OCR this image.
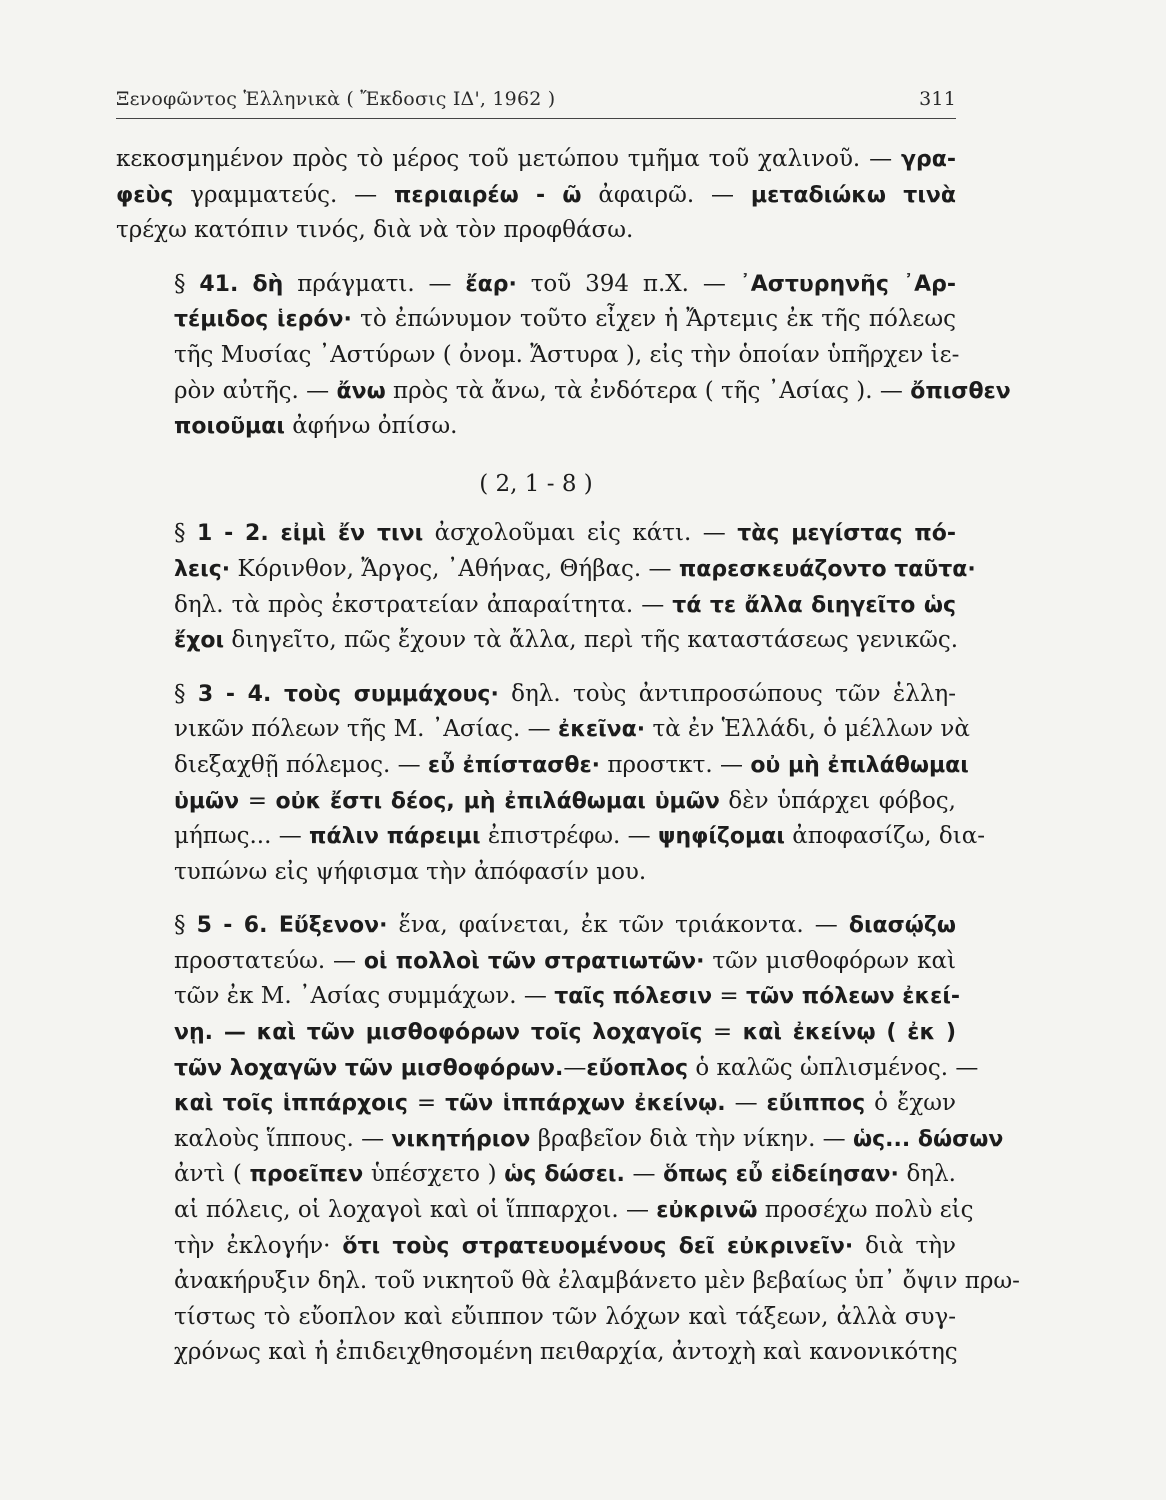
Ξενοφῶντος Ἑλληνικὰ ( Ἔκδοσις ΙΔ', 1962 )	311

κεκοσμημένον πρὸς τὸ μέρος τοῦ μετώπου τμῆμα τοῦ χαλινοῦ. — γρα-
φεὺς γραμματεύς. — περιαιρέω - ῶ ἀφαιρῶ. — μεταδιώκω τινὰ
τρέχω κατόπιν τινός, διὰ νὰ τὸν προφθάσω.

§ 41. δὴ πράγματι. — ἔαρ· τοῦ 394 π.Χ. — ᾿Αστυρηνῆς ᾿Αρ-
τέμιδος ἱερόν· τὸ ἐπώνυμον τοῦτο εἶχεν ἡ Ἄρτεμις ἐκ τῆς πόλεως
τῆς Μυσίας ᾿Αστύρων ( ὀνομ. Ἄστυρα ), εἰς τὴν ὁποίαν ὑπῆρχεν ἱε-
ρὸν αὐτῆς. — ἄνω πρὸς τὰ ἄνω, τὰ ἐνδότερα ( τῆς ᾿Ασίας ). — ὄπισθεν
ποιοῦμαι ἀφήνω ὀπίσω.

( 2, 1 - 8 )

§ 1 - 2. εἰμὶ ἔν τινι ἀσχολοῦμαι εἰς κάτι. — τὰς μεγίστας πό-
λεις· Κόρινθον, Ἄργος, ᾿Αθήνας, Θήβας. — παρεσκευάζοντο ταῦτα·
δηλ. τὰ πρὸς ἐκστρατείαν ἀπαραίτητα. — τά τε ἄλλα διηγεῖτο ὡς
ἔχοι διηγεῖτο, πῶς ἔχουν τὰ ἄλλα, περὶ τῆς καταστάσεως γενικῶς.

§ 3 - 4. τοὺς συμμάχους· δηλ. τοὺς ἀντιπροσώπους τῶν ἑλλη-
νικῶν πόλεων τῆς Μ. ᾿Ασίας. — ἐκεῖνα· τὰ ἐν Ἑλλάδι, ὁ μέλλων νὰ
διεξαχθῇ πόλεμος. — εὖ ἐπίστασθε· προστκτ. — οὐ μὴ ἐπιλάθωμαι
ὑμῶν = οὐκ ἔστι δέος, μὴ ἐπιλάθωμαι ὑμῶν δὲν ὑπάρχει φόβος,
μήπως... — πάλιν πάρειμι ἐπιστρέφω. — ψηφίζομαι ἀποφασίζω, δια-
τυπώνω εἰς ψήφισμα τὴν ἀπόφασίν μου.

§ 5 - 6. Εὔξενον· ἕνα, φαίνεται, ἐκ τῶν τριάκοντα. — διασῴζω
προστατεύω. — οἱ πολλοὶ τῶν στρατιωτῶν· τῶν μισθοφόρων καὶ
τῶν ἐκ Μ. ᾿Ασίας συμμάχων. — ταῖς πόλεσιν = τῶν πόλεων ἐκεί-
νῃ. — καὶ τῶν μισθοφόρων τοῖς λοχαγοῖς = καὶ ἐκείνῳ ( ἐκ )
τῶν λοχαγῶν τῶν μισθοφόρων.—εὔοπλος ὁ καλῶς ὡπλισμένος. —
καὶ τοῖς ἱππάρχοις = τῶν ἱππάρχων ἐκείνῳ. — εὔιππος ὁ ἔχων
καλοὺς ἵππους. — νικητήριον βραβεῖον διὰ τὴν νίκην. — ὡς... δώσων
ἀντὶ ( προεῖπεν ὑπέσχετο ) ὡς δώσει. — ὅπως εὖ εἰδείησαν· δηλ.
αἱ πόλεις, οἱ λοχαγοὶ καὶ οἱ ἵππαρχοι. — εὐκρινῶ προσέχω πολὺ εἰς
τὴν ἐκλογήν· ὅτι τοὺς στρατευομένους δεῖ εὐκρινεῖν· διὰ τὴν
ἀνακήρυξιν δηλ. τοῦ νικητοῦ θὰ ἐλαμβάνετο μὲν βεβαίως ὑπ᾿ ὄψιν πρω-
τίστως τὸ εὔοπλον καὶ εὔιππον τῶν λόχων καὶ τάξεων, ἀλλὰ συγ-
χρόνως καὶ ἡ ἐπιδειχθησομένη πειθαρχία, ἀντοχὴ καὶ κανονικότης
